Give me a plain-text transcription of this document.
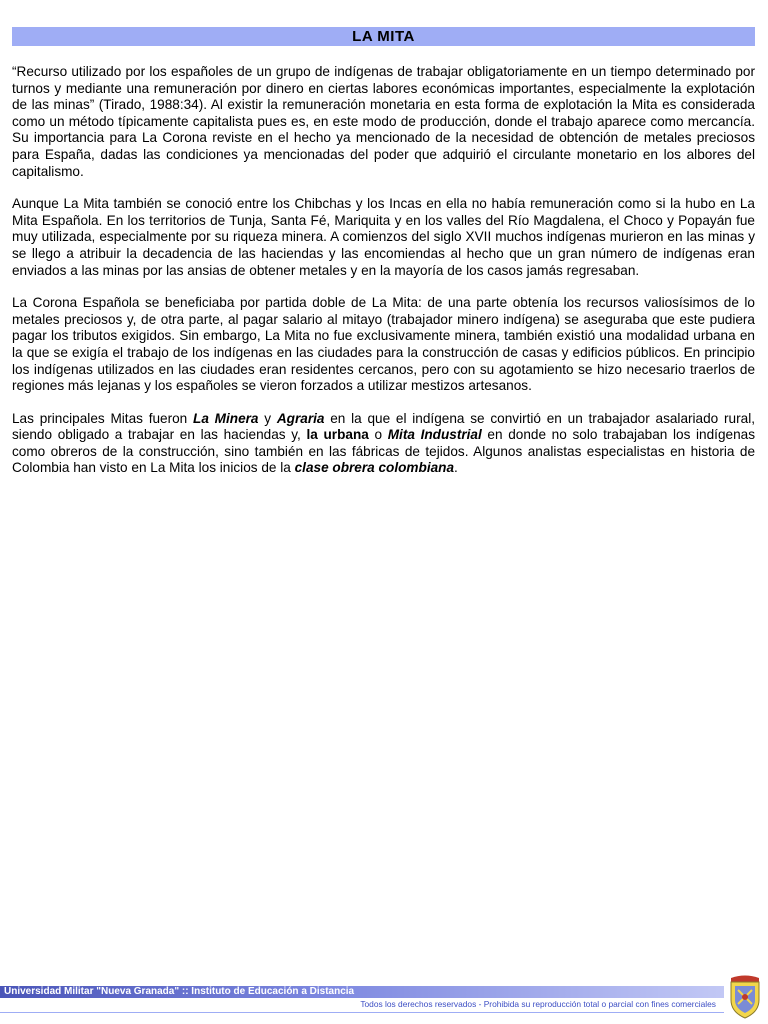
LA MITA

“Recurso utilizado por los españoles de un grupo de indígenas de trabajar obligatoriamente en un tiempo determinado por turnos y mediante una remuneración por dinero en ciertas labores económicas importantes, especialmente la explotación de las minas” (Tirado, 1988:34). Al existir la remuneración monetaria en esta forma de explotación la Mita es considerada como un método típicamente capitalista pues es, en este modo de producción, donde el trabajo aparece como mercancía. Su importancia para La Corona reviste en el hecho ya mencionado de la necesidad de obtención de metales preciosos para España, dadas las condiciones ya mencionadas del poder que adquirió el circulante monetario en los albores del capitalismo.

Aunque La Mita también se conoció entre los Chibchas y los Incas en ella no había remuneración como si la hubo en La Mita Española. En los territorios de Tunja, Santa Fé, Mariquita y en los valles del Río Magdalena, el Choco y Popayán fue muy utilizada, especialmente por su riqueza minera. A comienzos del siglo XVII muchos indígenas murieron en las minas y se llego a atribuir la decadencia de las haciendas y las encomiendas al hecho que un gran número de indígenas eran enviados a las minas por las ansias de obtener metales y en la mayoría de los casos jamás regresaban.

La Corona Española se beneficiaba por partida doble de La Mita: de una parte obtenía los recursos valiosísimos de lo metales preciosos y, de otra parte, al pagar salario al mitayo (trabajador minero indígena) se aseguraba que este pudiera pagar los tributos exigidos. Sin embargo, La Mita no fue exclusivamente minera, también existió una modalidad urbana en la que se exigía el trabajo de los indígenas en las ciudades para la construcción de casas y edificios públicos. En principio los indígenas utilizados en las ciudades eran residentes cercanos, pero con su agotamiento se hizo necesario traerlos de regiones más lejanas y los españoles se vieron forzados a utilizar mestizos artesanos.

Las principales Mitas fueron La Minera y Agraria en la que el indígena se convirtió en un trabajador asalariado rural, siendo obligado a trabajar en las haciendas y, la urbana o Mita Industrial en donde no solo trabajaban los indígenas como obreros de la construcción, sino también en las fábricas de tejidos. Algunos analistas especialistas en historia de Colombia han visto en La Mita los inicios de la clase obrera colombiana.

Universidad Militar "Nueva Granada" :: Instituto de Educación a Distancia
Todos los derechos reservados - Prohibida su reproducción total o parcial con fines comerciales
